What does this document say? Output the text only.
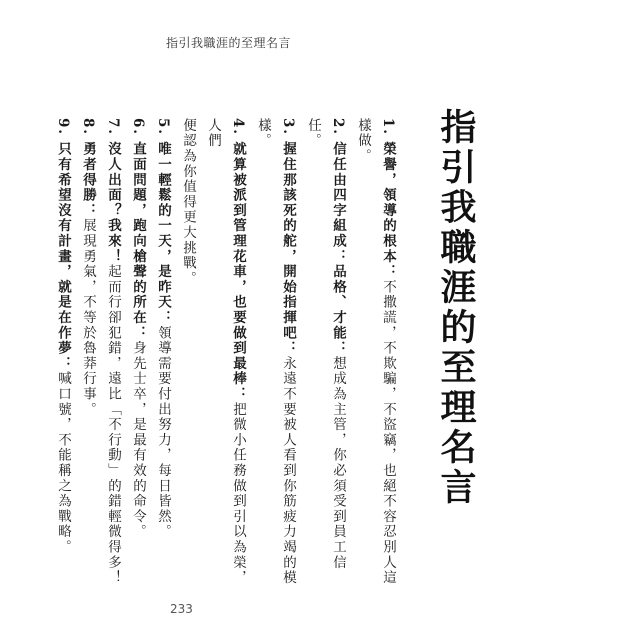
指引我職涯的至理名言
指引我職涯的至理名言
1. 榮譽，領導的根本：不撒謊，不欺騙，不盜竊，也絕不容忍別人這樣做。
2. 信任由四字組成：品格、才能：想成為主管，你必須受到員工信任。
3. 握住那該死的舵，開始指揮吧：永遠不要被人看到你筋疲力竭的模樣。
4. 就算被派到管理花車，也要做到最棒：把微小任務做到引以為榮，人們
便認為你值得更大挑戰。
5. 唯一輕鬆的一天，是昨天：領導需要付出努力，每日皆然。
6. 直面問題，跑向槍聲的所在：身先士卒，是最有效的命令。
7. 沒人出面？我來！起而行卻犯錯，遠比「不行動」的錯輕微得多！
8. 勇者得勝：展現勇氣，不等於魯莽行事。
9. 只有希望沒有計畫，就是在作夢：喊口號，不能稱之為戰略。
233
